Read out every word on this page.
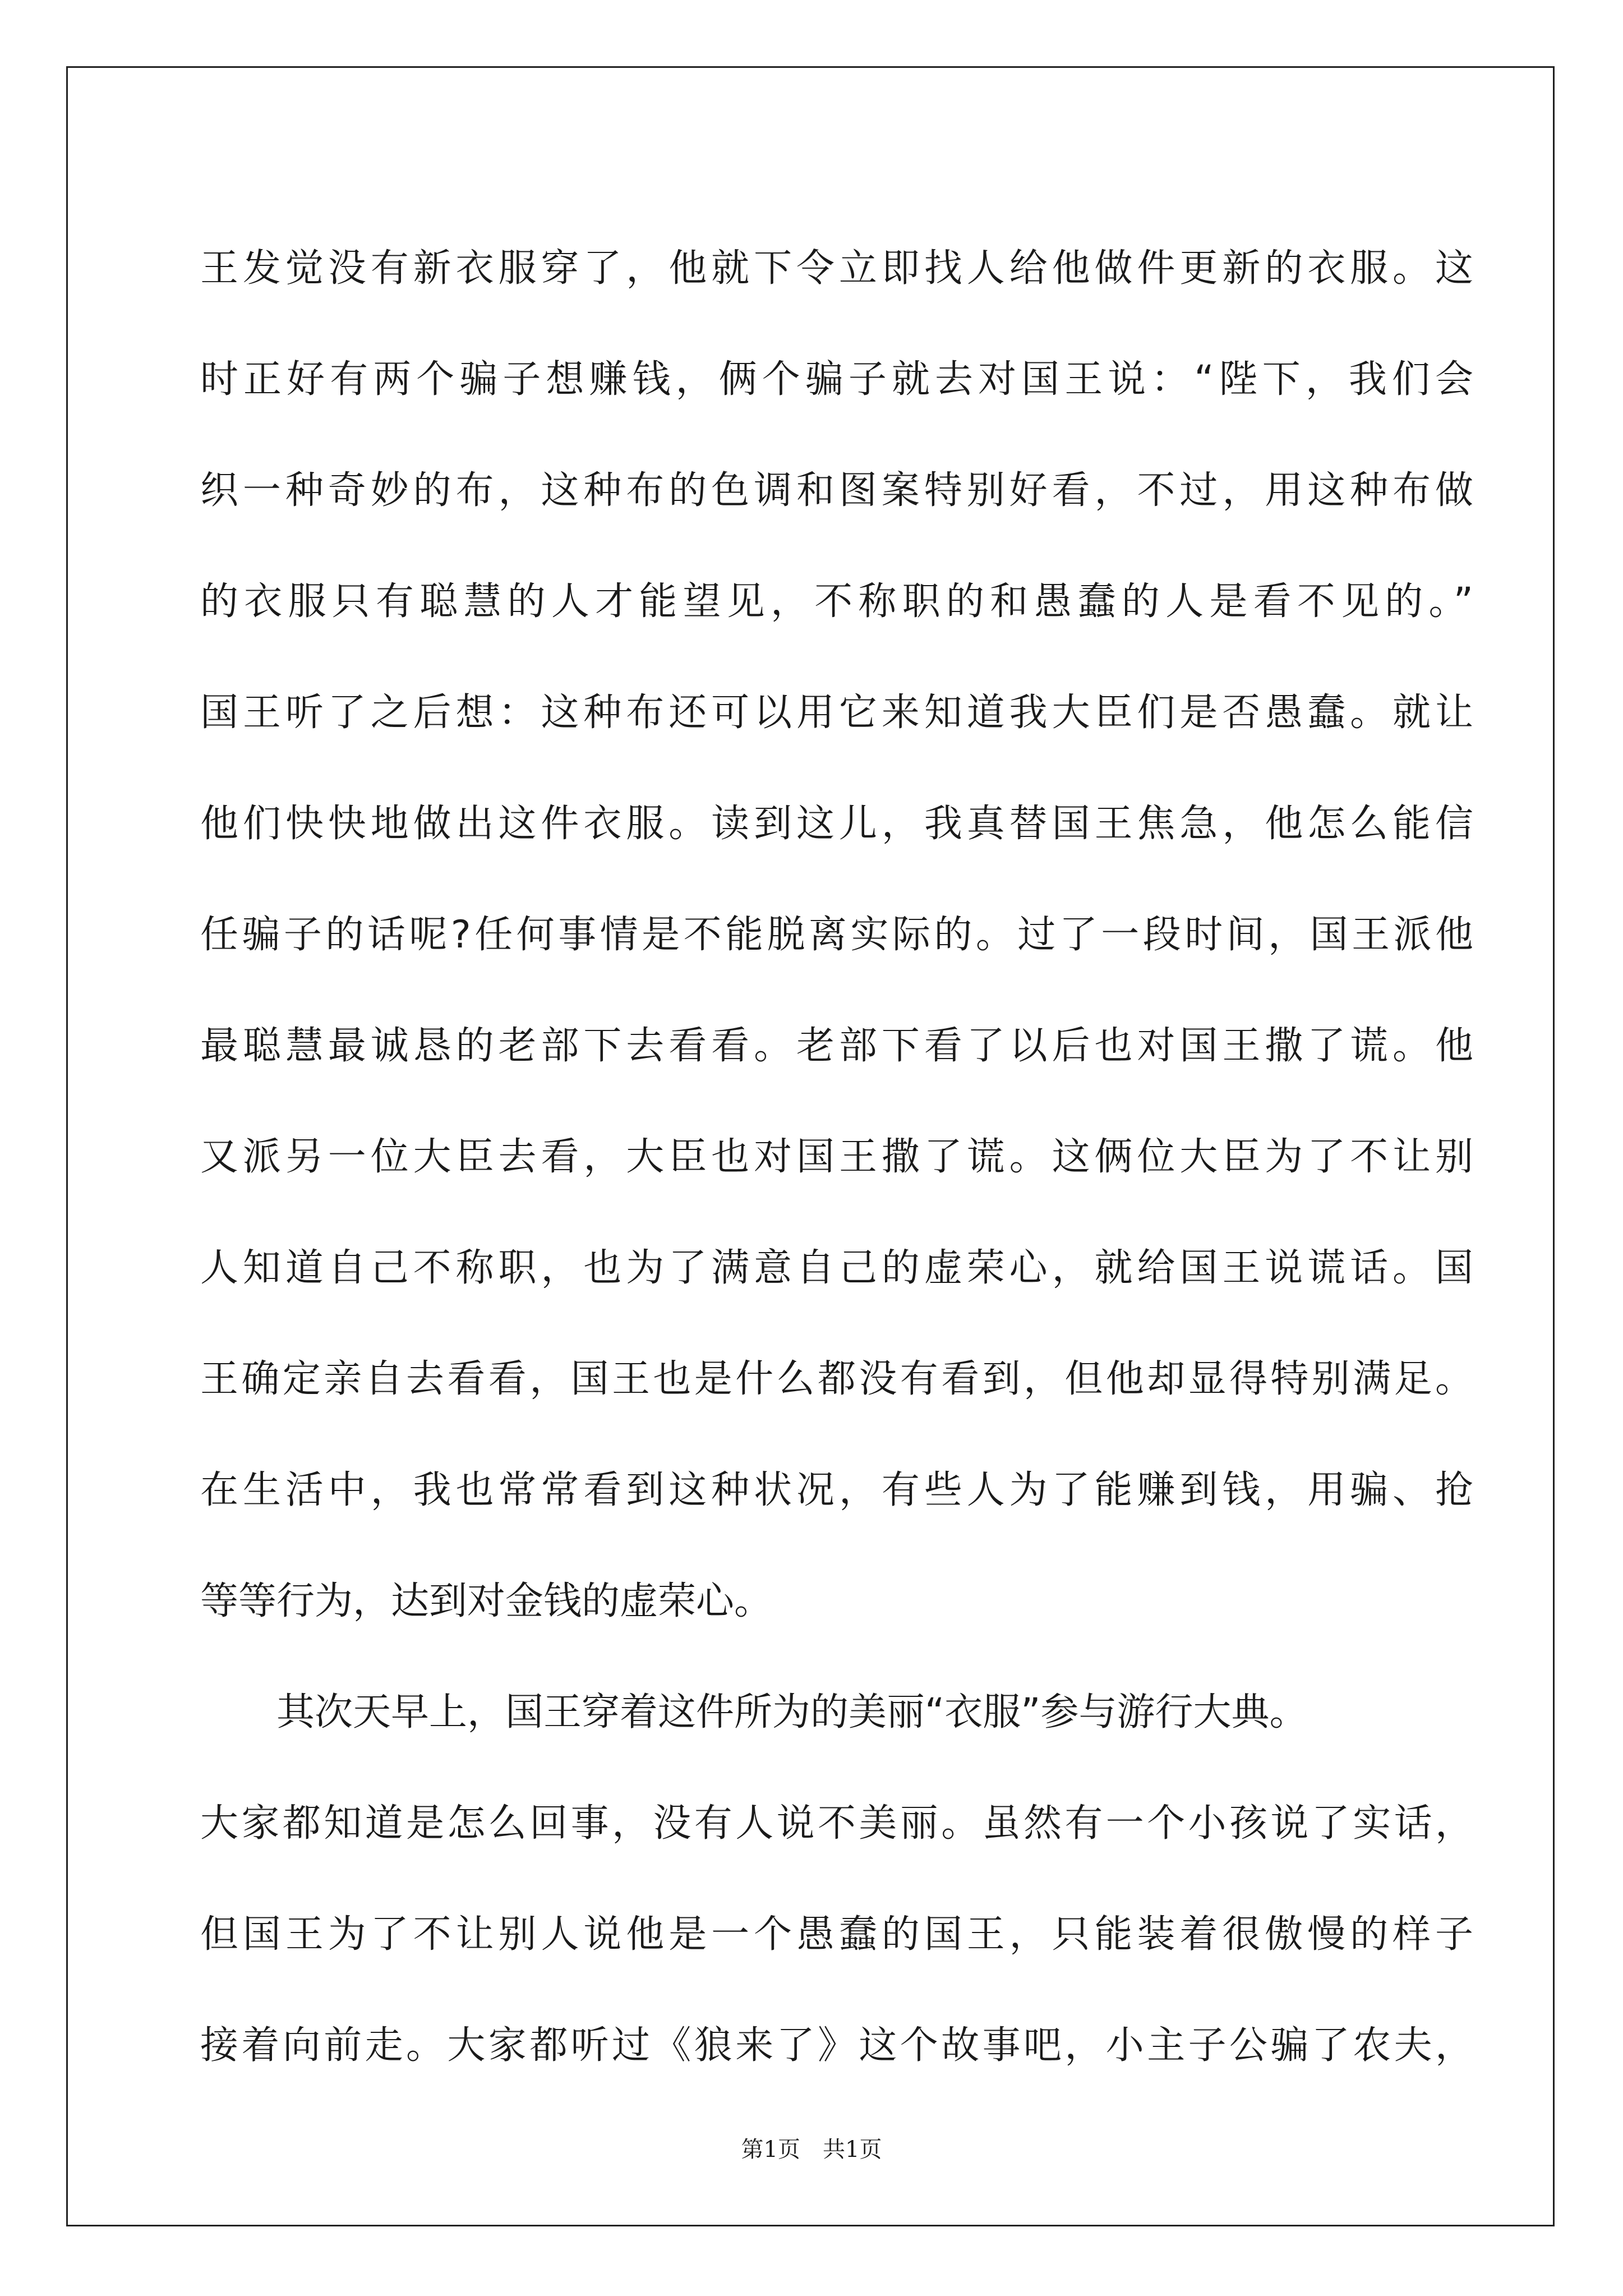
王发觉没有新衣服穿了，他就下令立即找人给他做件更新的衣服。这
时正好有两个骗子想赚钱，俩个骗子就去对国王说：“陛下，我们会
织一种奇妙的布，这种布的色调和图案特别好看，不过，用这种布做
的衣服只有聪慧的人才能望见，不称职的和愚蠢的人是看不见的。”
国王听了之后想：这种布还可以用它来知道我大臣们是否愚蠢。就让
他们快快地做出这件衣服。读到这儿，我真替国王焦急，他怎么能信
任骗子的话呢?任何事情是不能脱离实际的。过了一段时间，国王派他
最聪慧最诚恳的老部下去看看。老部下看了以后也对国王撒了谎。他
又派另一位大臣去看，大臣也对国王撒了谎。这俩位大臣为了不让别
人知道自己不称职，也为了满意自己的虚荣心，就给国王说谎话。国
王确定亲自去看看，国王也是什么都没有看到，但他却显得特别满足。
在生活中，我也常常看到这种状况，有些人为了能赚到钱，用骗、抢
等等行为，达到对金钱的虚荣心。
其次天早上，国王穿着这件所为的美丽“衣服”参与游行大典。
大家都知道是怎么回事，没有人说不美丽。虽然有一个小孩说了实话，
但国王为了不让别人说他是一个愚蠢的国王，只能装着很傲慢的样子
接着向前走。大家都听过《狼来了》这个故事吧，小主子公骗了农夫，
第1页 共1页
